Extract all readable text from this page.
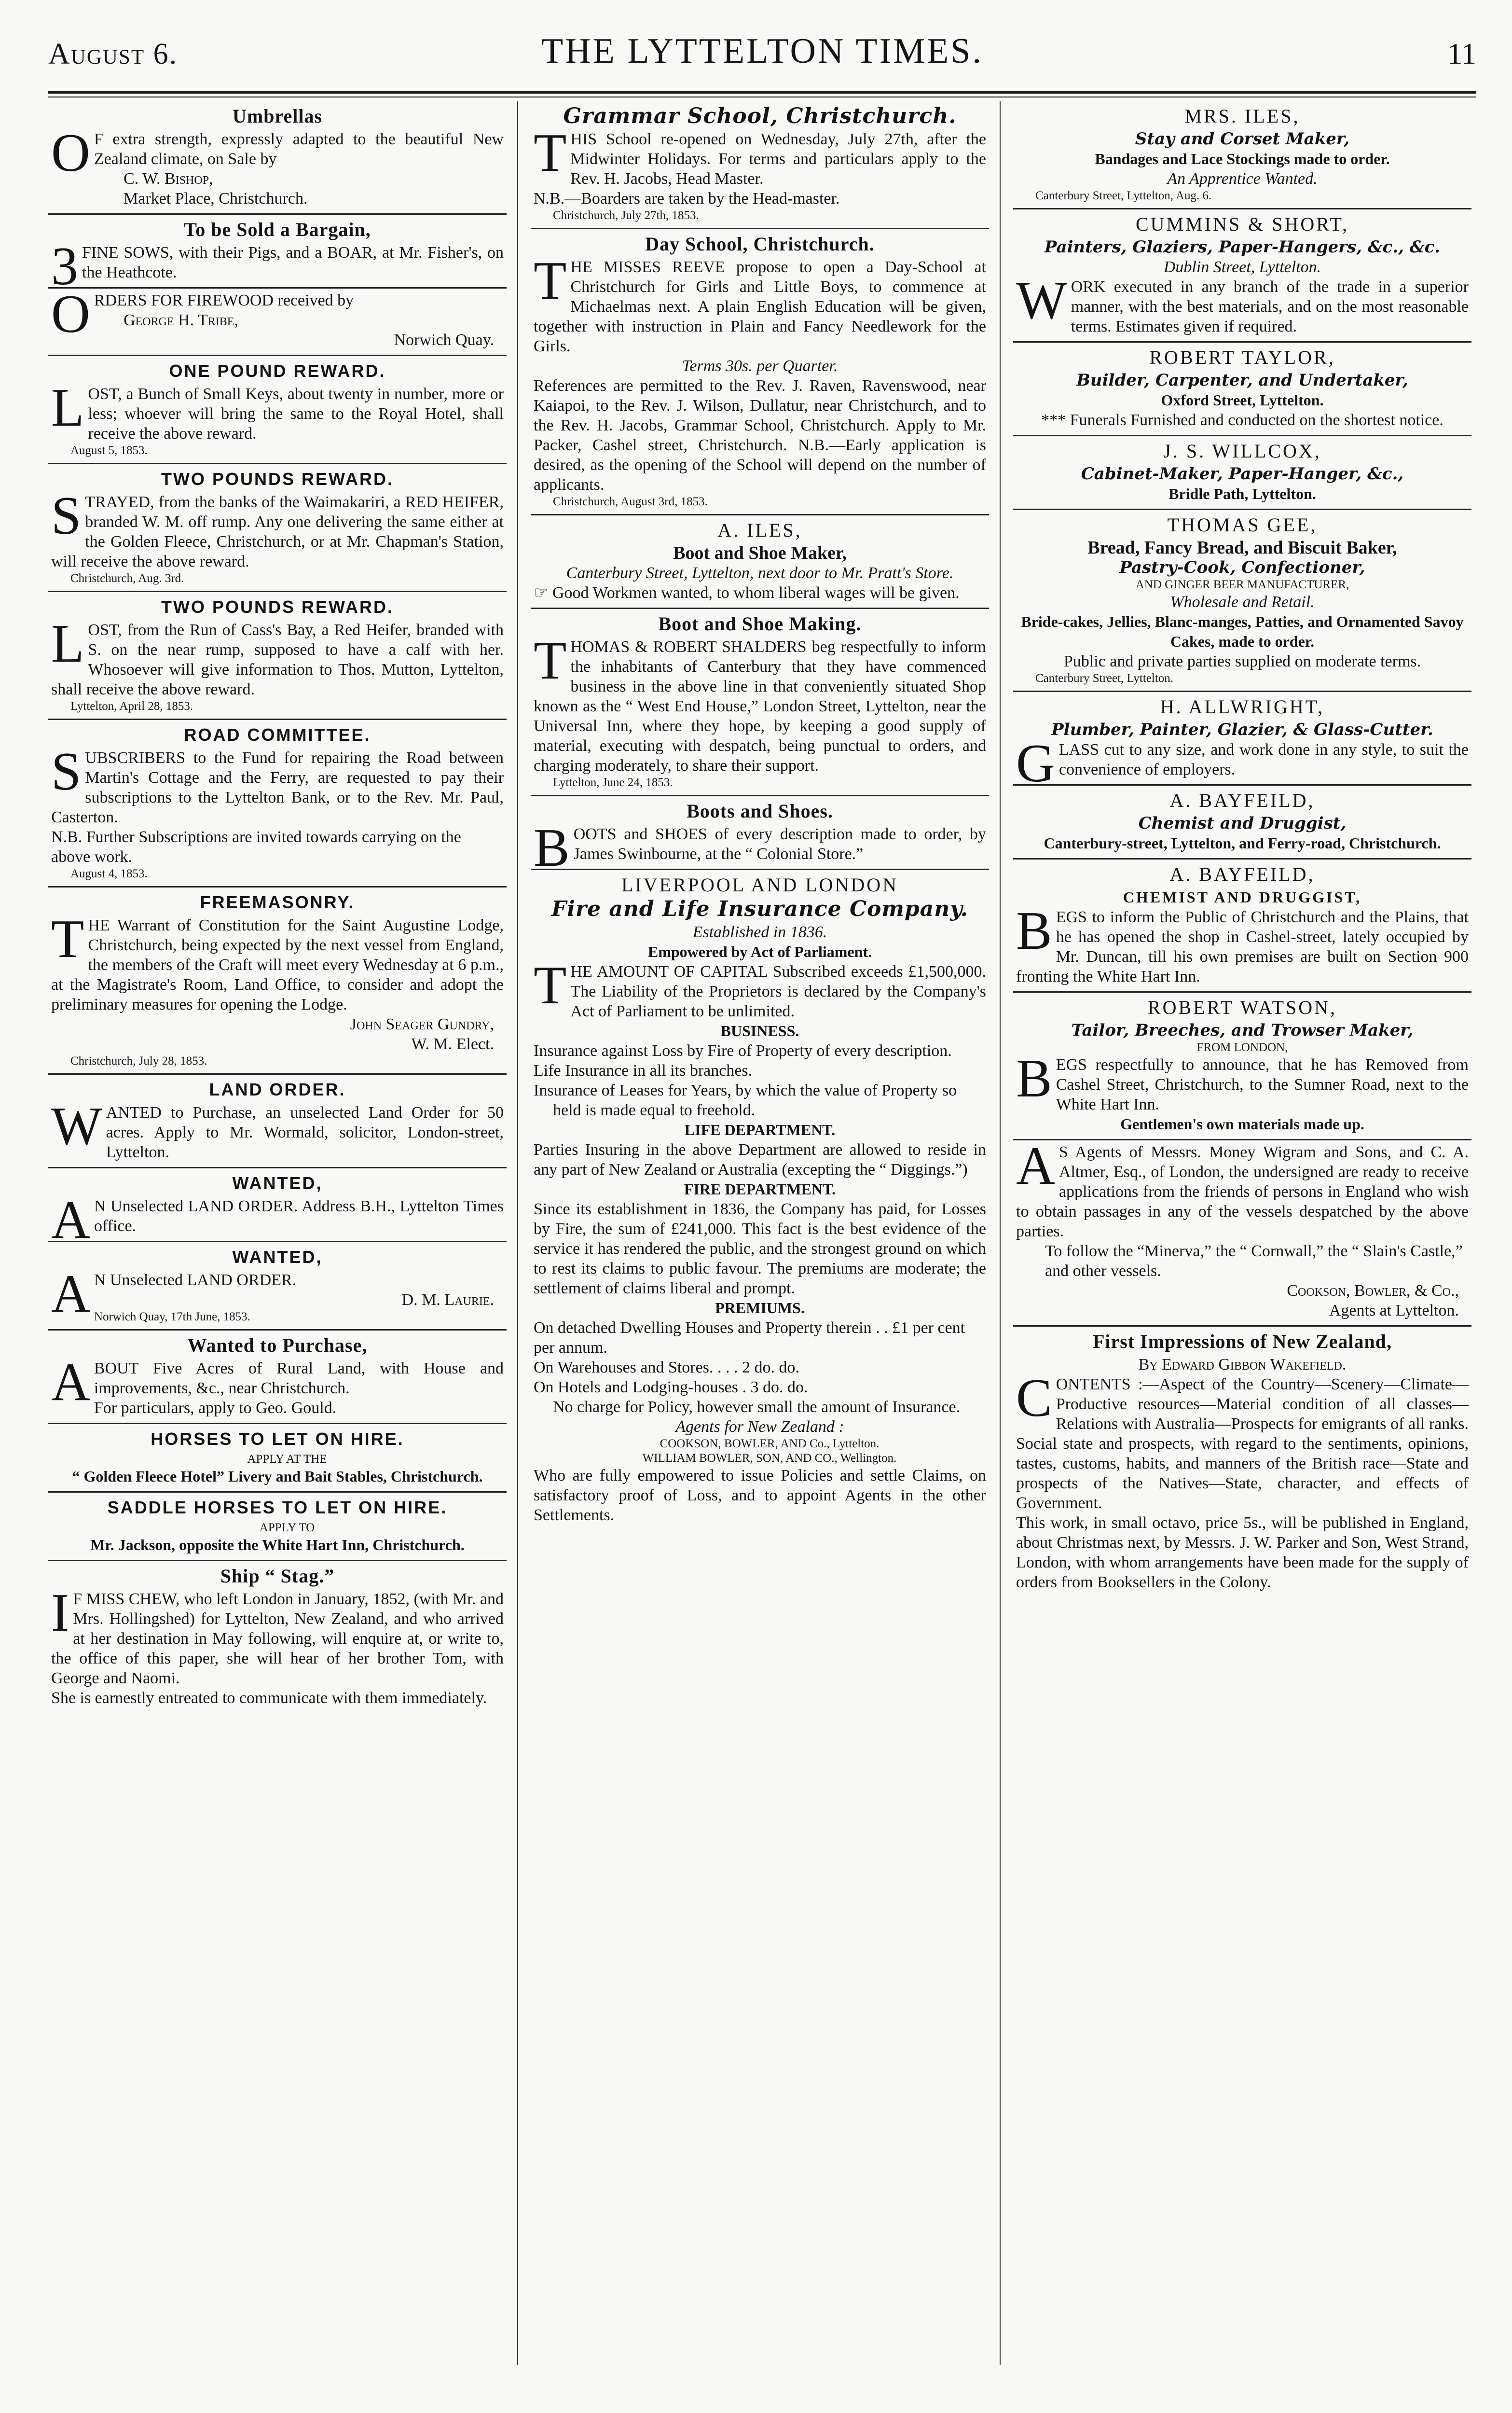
August 6.	THE LYTTELTON TIMES.	11
Umbrellas
OF extra strength, expressly adapted to the beautiful New Zealand climate, on Sale by
C. W. Bishop,
Market Place, Christchurch.
To be Sold a Bargain,
3FINE SOWS, with their Pigs, and a BOAR, at Mr. Fisher's, on the Heathcote.
ORDERS FOR FIREWOOD received by
George H. Tribe,
Norwich Quay.
ONE POUND REWARD.
LOST, a Bunch of Small Keys, about twenty in number, more or less; whoever will bring the same to the Royal Hotel, shall receive the above reward.
August 5, 1853.
TWO POUNDS REWARD.
STRAYED, from the banks of the Waimakariri, a RED HEIFER, branded W. M. off rump. Any one delivering the same either at the Golden Fleece, Christchurch, or at Mr. Chapman's Station, will receive the above reward.
Christchurch, Aug. 3rd.
TWO POUNDS REWARD.
LOST, from the Run of Cass's Bay, a Red Heifer, branded with S. on the near rump, supposed to have a calf with her. Whosoever will give information to Thos. Mutton, Lyttelton, shall receive the above reward.
Lyttelton, April 28, 1853.
ROAD COMMITTEE.
SUBSCRIBERS to the Fund for repairing the Road between Martin's Cottage and the Ferry, are requested to pay their subscriptions to the Lyttelton Bank, or to the Rev. Mr. Paul, Casterton.
N.B. Further Subscriptions are invited towards carrying on the above work.
August 4, 1853.
FREEMASONRY.
THE Warrant of Constitution for the Saint Augustine Lodge, Christchurch, being expected by the next vessel from England, the members of the Craft will meet every Wednesday at 6 p.m., at the Magistrate's Room, Land Office, to consider and adopt the preliminary measures for opening the Lodge.
John Seager Gundry,
W. M. Elect.
Christchurch, July 28, 1853.
LAND ORDER.
WANTED to Purchase, an unselected Land Order for 50 acres. Apply to Mr. Wormald, solicitor, London-street, Lyttelton.
WANTED,
AN Unselected LAND ORDER. Address B.H., Lyttelton Times office.
WANTED,
AN Unselected LAND ORDER.
D. M. Laurie.
Norwich Quay, 17th June, 1853.
Wanted to Purchase,
ABOUT Five Acres of Rural Land, with House and improvements, &c., near Christchurch.
For particulars, apply to Geo. Gould.
HORSES TO LET ON HIRE.
APPLY AT THE
“ Golden Fleece Hotel” Livery and Bait Stables, Christchurch.
SADDLE HORSES TO LET ON HIRE.
APPLY TO
Mr. Jackson, opposite the White Hart Inn, Christchurch.
Ship “ Stag.”
IF MISS CHEW, who left London in January, 1852, (with Mr. and Mrs. Hollingshed) for Lyttelton, New Zealand, and who arrived at her destination in May following, will enquire at, or write to, the office of this paper, she will hear of her brother Tom, with George and Naomi.
She is earnestly entreated to communicate with them immediately.
Grammar School, Christchurch.
THIS School re-opened on Wednesday, July 27th, after the Midwinter Holidays. For terms and particulars apply to the Rev. H. Jacobs, Head Master.
N.B.—Boarders are taken by the Head-master.
Christchurch, July 27th, 1853.
Day School, Christchurch.
THE MISSES REEVE propose to open a Day-School at Christchurch for Girls and Little Boys, to commence at Michaelmas next. A plain English Education will be given, together with instruction in Plain and Fancy Needlework for the Girls.
Terms 30s. per Quarter.
References are permitted to the Rev. J. Raven, Ravenswood, near Kaiapoi, to the Rev. J. Wilson, Dullatur, near Christchurch, and to the Rev. H. Jacobs, Grammar School, Christchurch. Apply to Mr. Packer, Cashel street, Christchurch. N.B.—Early application is desired, as the opening of the School will depend on the number of applicants.
Christchurch, August 3rd, 1853.
A. ILES,
Boot and Shoe Maker,
Canterbury Street, Lyttelton, next door to Mr. Pratt's Store.
☞ Good Workmen wanted, to whom liberal wages will be given.
Boot and Shoe Making.
THOMAS & ROBERT SHALDERS beg respectfully to inform the inhabitants of Canterbury that they have commenced business in the above line in that conveniently situated Shop known as the “ West End House,” London Street, Lyttelton, near the Universal Inn, where they hope, by keeping a good supply of material, executing with despatch, being punctual to orders, and charging moderately, to share their support.
Lyttelton, June 24, 1853.
Boots and Shoes.
BOOTS and SHOES of every description made to order, by James Swinbourne, at the “ Colonial Store.”
LIVERPOOL AND LONDON
Fire and Life Insurance Company.
Established in 1836.
Empowered by Act of Parliament.
THE AMOUNT OF CAPITAL Subscribed exceeds £1,500,000. The Liability of the Proprietors is declared by the Company's Act of Parliament to be unlimited.
BUSINESS.
Insurance against Loss by Fire of Property of every description.
Life Insurance in all its branches.
Insurance of Leases for Years, by which the value of Property so held is made equal to freehold.
LIFE DEPARTMENT.
Parties Insuring in the above Department are allowed to reside in any part of New Zealand or Australia (excepting the “ Diggings.”)
FIRE DEPARTMENT.
Since its establishment in 1836, the Company has paid, for Losses by Fire, the sum of £241,000. This fact is the best evidence of the service it has rendered the public, and the strongest ground on which to rest its claims to public favour. The premiums are moderate; the settlement of claims liberal and prompt.
PREMIUMS.
On detached Dwelling Houses and Property therein . . £1 per cent per annum.
On Warehouses and Stores. . . . 2 do. do.
On Hotels and Lodging-houses . 3 do. do.
No charge for Policy, however small the amount of Insurance.
Agents for New Zealand :
COOKSON, BOWLER, AND Co., Lyttelton.
WILLIAM BOWLER, SON, AND CO., Wellington.
Who are fully empowered to issue Policies and settle Claims, on satisfactory proof of Loss, and to appoint Agents in the other Settlements.
MRS. ILES,
Stay and Corset Maker,
Bandages and Lace Stockings made to order.
An Apprentice Wanted.
Canterbury Street, Lyttelton, Aug. 6.
CUMMINS & SHORT,
Painters, Glaziers, Paper-Hangers, &c., &c.
Dublin Street, Lyttelton.
WORK executed in any branch of the trade in a superior manner, with the best materials, and on the most reasonable terms. Estimates given if required.
ROBERT TAYLOR,
Builder, Carpenter, and Undertaker,
Oxford Street, Lyttelton.
*** Funerals Furnished and conducted on the shortest notice.
J. S. WILLCOX,
Cabinet-Maker, Paper-Hanger, &c.,
Bridle Path, Lyttelton.
THOMAS GEE,
Bread, Fancy Bread, and Biscuit Baker,
Pastry-Cook, Confectioner,
AND GINGER BEER MANUFACTURER,
Wholesale and Retail.
Bride-cakes, Jellies, Blanc-manges, Patties, and Ornamented Savoy Cakes, made to order.
Public and private parties supplied on moderate terms.
Canterbury Street, Lyttelton.
H. ALLWRIGHT,
Plumber, Painter, Glazier, & Glass-Cutter.
GLASS cut to any size, and work done in any style, to suit the convenience of employers.
A. BAYFEILD,
Chemist and Druggist,
Canterbury-street, Lyttelton, and Ferry-road, Christchurch.
A. BAYFEILD,
CHEMIST AND DRUGGIST,
BEGS to inform the Public of Christchurch and the Plains, that he has opened the shop in Cashel-street, lately occupied by Mr. Duncan, till his own premises are built on Section 900 fronting the White Hart Inn.
ROBERT WATSON,
Tailor, Breeches, and Trowser Maker,
FROM LONDON,
BEGS respectfully to announce, that he has Removed from Cashel Street, Christchurch, to the Sumner Road, next to the White Hart Inn.
Gentlemen's own materials made up.
AS Agents of Messrs. Money Wigram and Sons, and C. A. Altmer, Esq., of London, the undersigned are ready to receive applications from the friends of persons in England who wish to obtain passages in any of the vessels despatched by the above parties.
To follow the “Minerva,” the “ Cornwall,” the “ Slain's Castle,” and other vessels.
Cookson, Bowler, & Co.,
Agents at Lyttelton.
First Impressions of New Zealand,
By Edward Gibbon Wakefield.
CONTENTS :—Aspect of the Country—Scenery—Climate—Productive resources—Material condition of all classes—Relations with Australia—Prospects for emigrants of all ranks. Social state and prospects, with regard to the sentiments, opinions, tastes, customs, habits, and manners of the British race—State and prospects of the Natives—State, character, and effects of Government.
This work, in small octavo, price 5s., will be published in England, about Christmas next, by Messrs. J. W. Parker and Son, West Strand, London, with whom arrangements have been made for the supply of orders from Booksellers in the Colony.
